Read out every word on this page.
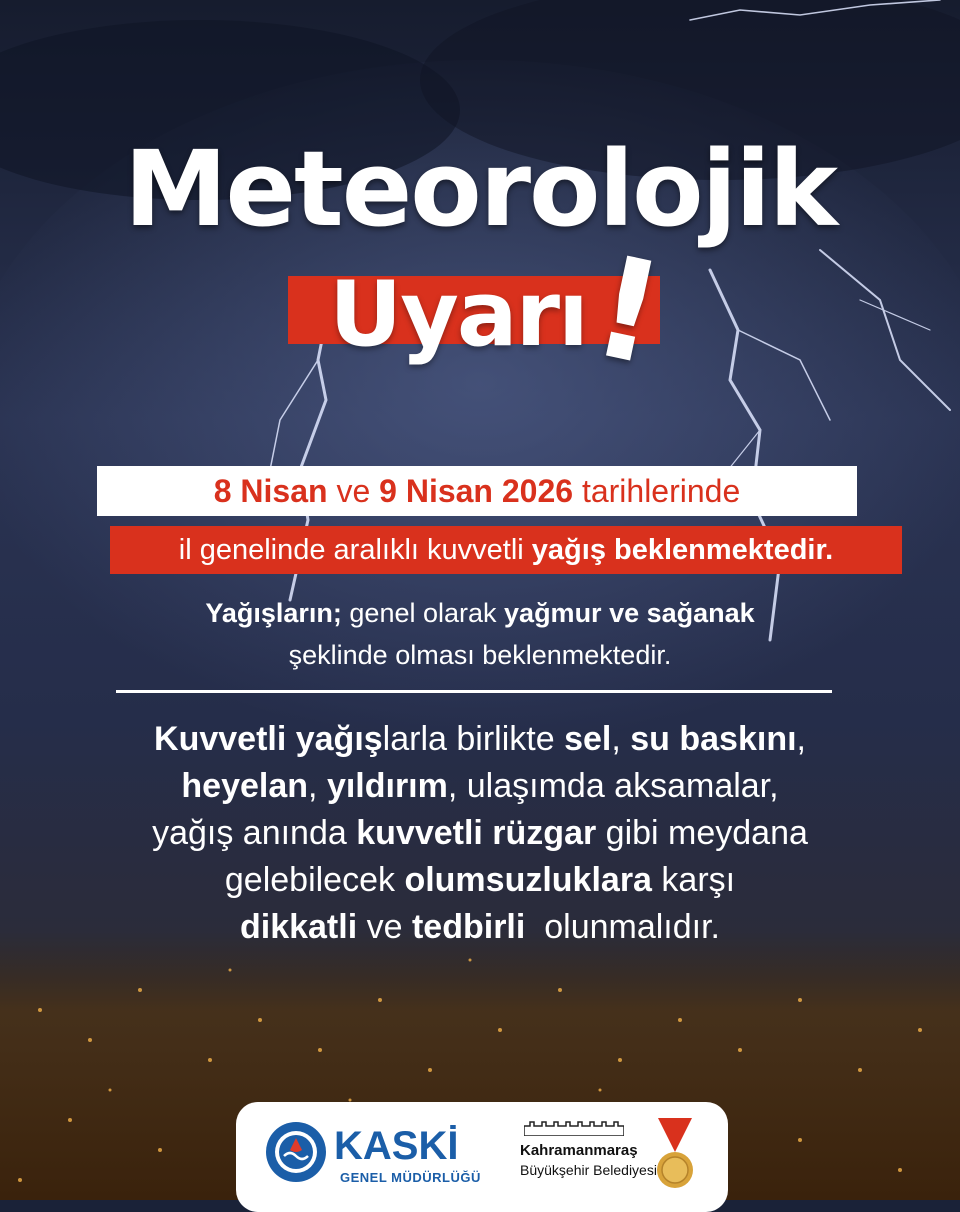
Meteorolojik
Uyarı
!
8 Nisan ve 9 Nisan 2026 tarihlerinde
il genelinde aralıklı kuvvetli yağış beklenmektedir.
Yağışların; genel olarak yağmur ve sağanak
şeklinde olması beklenmektedir.
Kuvvetli yağışlarla birlikte sel, su baskını,
heyelan, yıldırım, ulaşımda aksamalar,
yağış anında kuvvetli rüzgar gibi meydana
gelebilecek olumsuzluklara karşı
dikkatli ve tedbirli olunmalıdır.
KASKİ
GENEL MÜDÜRLÜĞÜ
Kahramanmaraş
Büyükşehir Belediyesi
